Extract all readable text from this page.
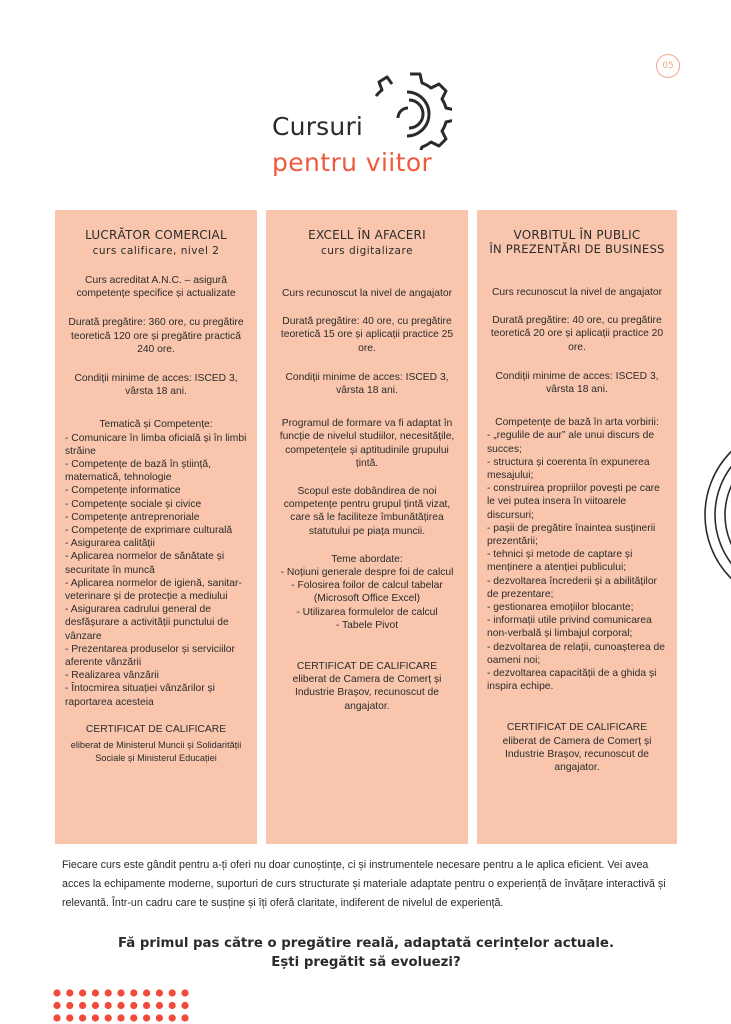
05
Cursuri
pentru viitor
LUCRĂTOR COMERCIAL
curs calificare, nivel 2
Curs acreditat A.N.C. – asigură competențe specifice și actualizate
Durată pregătire: 360 ore, cu pregătire teoretică 120 ore și pregătire practică 240 ore.
Condiții minime de acces: ISCED 3, vârsta 18 ani.
Tematică și Competențe:
- Comunicare în limba oficială și în limbi străine
- Competențe de bază în știință, matematică, tehnologie
- Competențe informatice
- Competențe sociale și civice
- Competențe antreprenoriale
- Competențe de exprimare culturală
- Asigurarea calității
- Aplicarea normelor de sănătate și securitate în muncă
- Aplicarea normelor de igienă, sanitar-veterinare și de protecție a mediului
- Asigurarea cadrului general de desfășurare a activității punctului de vânzare
- Prezentarea produselor și serviciilor aferente vânzării
- Realizarea vânzării
- Întocmirea situației vânzărilor și raportarea acesteia
CERTIFICAT DE CALIFICARE
eliberat de Ministerul Muncii și Solidarității Sociale și Ministerul Educației
EXCELL ÎN AFACERI
curs digitalizare
Curs recunoscut la nivel de angajator
Durată pregătire: 40 ore, cu pregătire teoretică 15 ore și aplicații practice 25 ore.
Condiții minime de acces: ISCED 3, vârsta 18 ani.
Programul de formare va fi adaptat în funcție de nivelul studiilor, necesitățile, competențele și aptitudinile grupului țintă.
Scopul este dobândirea de noi competențe pentru grupul țintă vizat, care să le faciliteze îmbunătățirea statutului pe piața muncii.
Teme abordate:
- Noțiuni generale despre foi de calcul
- Folosirea foilor de calcul tabelar (Microsoft Office Excel)
- Utilizarea formulelor de calcul
- Tabele Pivot
CERTIFICAT DE CALIFICARE
eliberat de Camera de Comerț și Industrie Brașov, recunoscut de angajator.
VORBITUL ÎN PUBLIC
ÎN PREZENTĂRI DE BUSINESS
Curs recunoscut la nivel de angajator
Durată pregătire: 40 ore, cu pregătire teoretică 20 ore și aplicații practice 20 ore.
Condiții minime de acces: ISCED 3, vârsta 18 ani.
Competențe de bază în arta vorbirii:
- „regulile de aur” ale unui discurs de succes;
- structura și coerenta în expunerea mesajului;
- construirea propriilor povești pe care le vei putea insera în viitoarele discursuri;
- pașii de pregătire înaintea susținerii prezentării;
- tehnici și metode de captare și menținere a atenției publicului;
- dezvoltarea încrederii și a abilităților de prezentare;
- gestionarea emoțiilor blocante;
- informații utile privind comunicarea non-verbală și limbajul corporal;
- dezvoltarea de relații, cunoașterea de oameni noi;
- dezvoltarea capacității de a ghida și inspira echipe.
CERTIFICAT DE CALIFICARE
eliberat de Camera de Comerț și Industrie Brașov, recunoscut de angajator.
Fiecare curs este gândit pentru a-ți oferi nu doar cunoștințe, ci și instrumentele necesare pentru a le aplica eficient. Vei avea acces la echipamente moderne, suporturi de curs structurate și materiale adaptate pentru o experiență de învățare interactivă și relevantă. Într-un cadru care te susține și îți oferă claritate, indiferent de nivelul de experiență.
Fă primul pas către o pregătire reală, adaptată cerințelor actuale.
Ești pregătit să evoluezi?
